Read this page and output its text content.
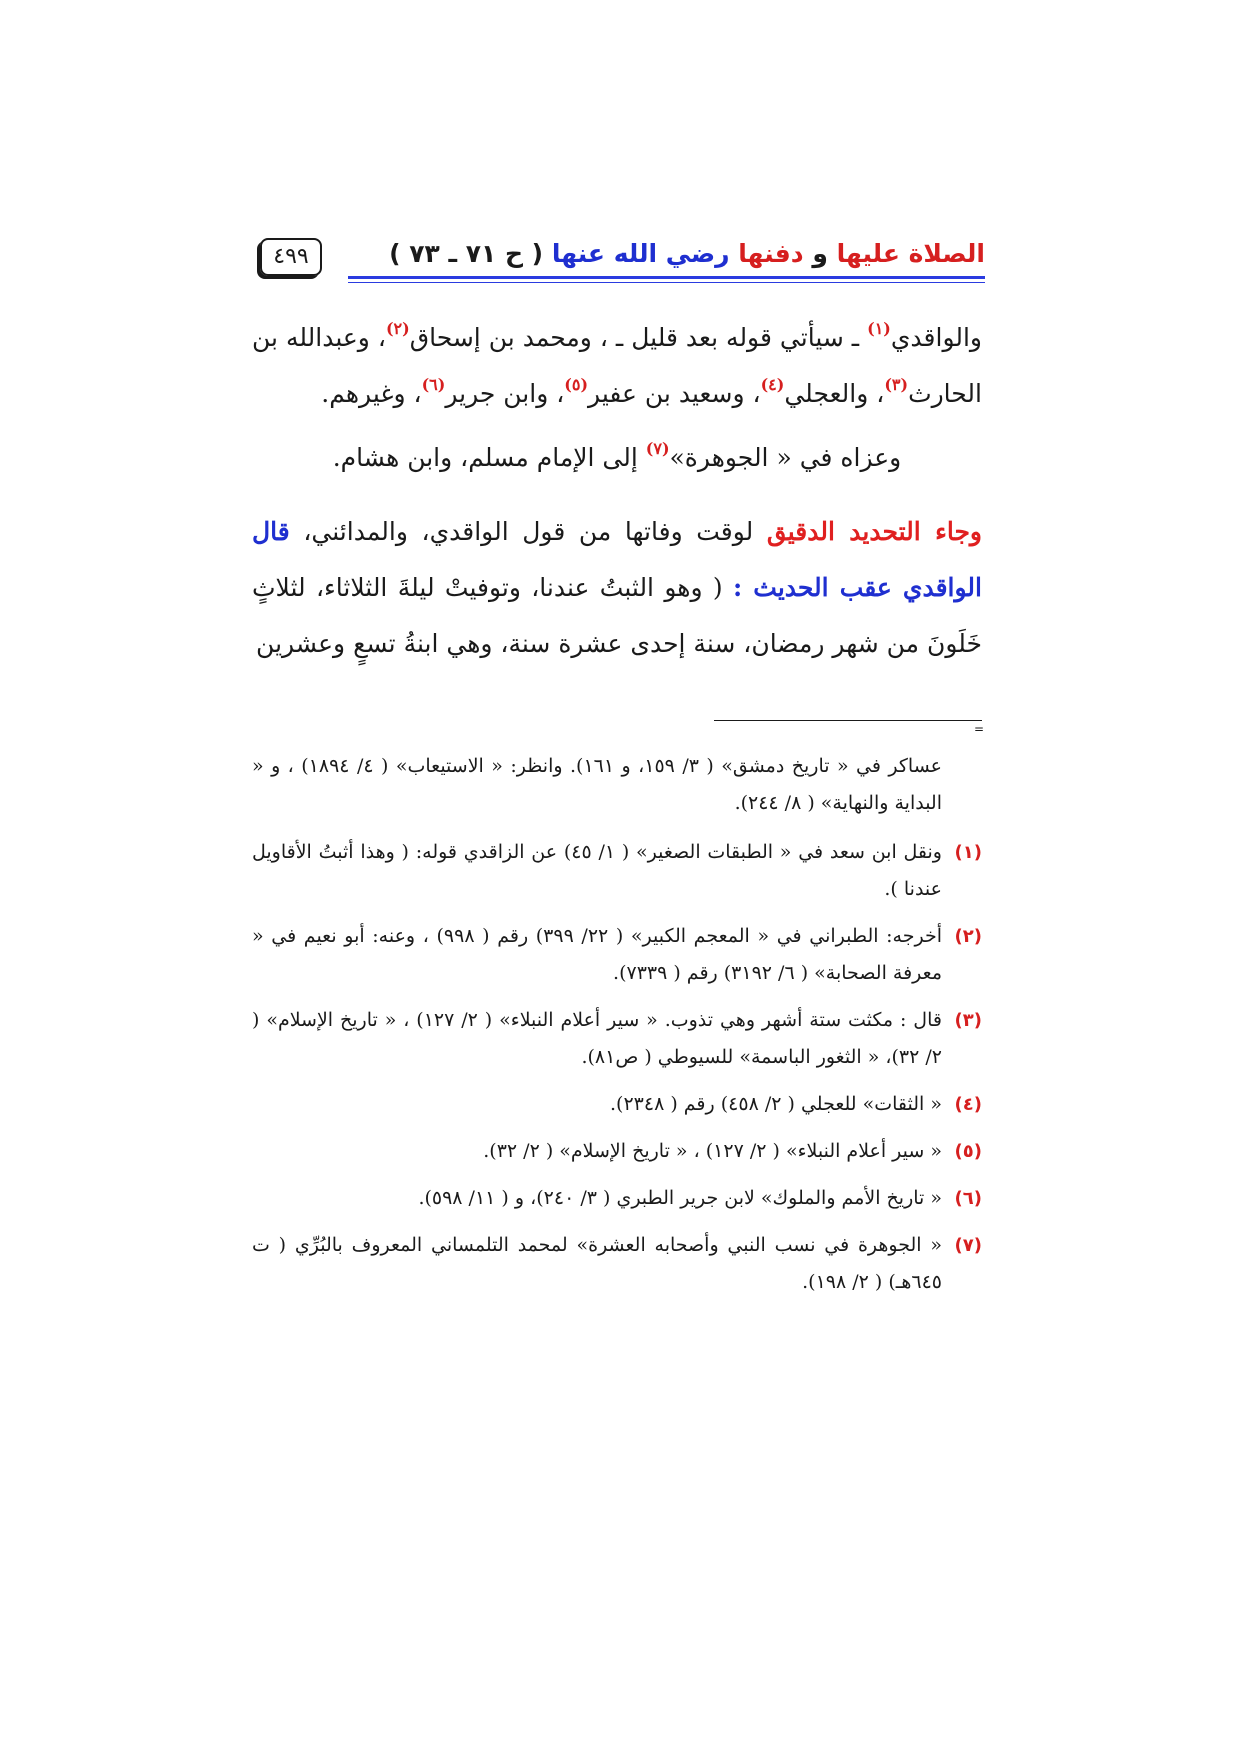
الصلاة عليها و دفنها رضي الله عنها ( ح ٧١ ـ ٧٣ )
٤٩٩

والواقدي$^{(١)}$ ـ سيأتي قوله بعد قليل ـ ، ومحمد بن إسحاق$^{(٢)}$، وعبدالله بن الحارث$^{(٣)}$، والعجلي$^{(٤)}$، وسعيد بن عفير$^{(٥)}$، وابن جرير$^{(٦)}$، وغيرهم.

وعزاه في « الجوهرة»$^{(٧)}$ إلى الإمام مسلم، وابن هشام.

وجاء التحديد الدقيق لوقت وفاتها من قول الواقدي، والمدائني، قال الواقدي عقب الحديث : ( وهو الثبتُ عندنا، وتوفيتْ ليلةَ الثلاثاء، لثلاثٍ خَلَونَ من شهر رمضان، سنة إحدى عشرة سنة، وهي ابنةُ تسعٍ وعشرين

=
عساكر في « تاريخ دمشق» ( ٣/ ١٥٩، و ١٦١). وانظر: « الاستيعاب» ( ٤/ ١٨٩٤) ، و « البداية والنهاية» ( ٨/ ٢٤٤).
(١)
ونقل ابن سعد في « الطبقات الصغير» ( ١/ ٤٥) عن الزاقدي قوله: ( وهذا أثبتُ الأقاويل عندنا ).
(٢)
أخرجه: الطبراني في « المعجم الكبير» ( ٢٢/ ٣٩٩) رقم ( ٩٩٨) ، وعنه: أبو نعيم في « معرفة الصحابة» ( ٦/ ٣١٩٢) رقم ( ٧٣٣٩).
(٣)
قال : مكثت ستة أشهر وهي تذوب. « سير أعلام النبلاء» ( ٢/ ١٢٧) ، « تاريخ الإسلام» ( ٢/ ٣٢)، « الثغور الباسمة» للسيوطي ( ص٨١).
(٤)
« الثقات» للعجلي ( ٢/ ٤٥٨) رقم ( ٢٣٤٨).
(٥)
« سير أعلام النبلاء» ( ٢/ ١٢٧) ، « تاريخ الإسلام» ( ٢/ ٣٢).
(٦)
« تاريخ الأمم والملوك» لابن جرير الطبري ( ٣/ ٢٤٠)، و ( ١١/ ٥٩٨).
(٧)
« الجوهرة في نسب النبي وأصحابه العشرة» لمحمد التلمساني المعروف بالبُرِّي ( ت ٦٤٥هـ) ( ٢/ ١٩٨).
